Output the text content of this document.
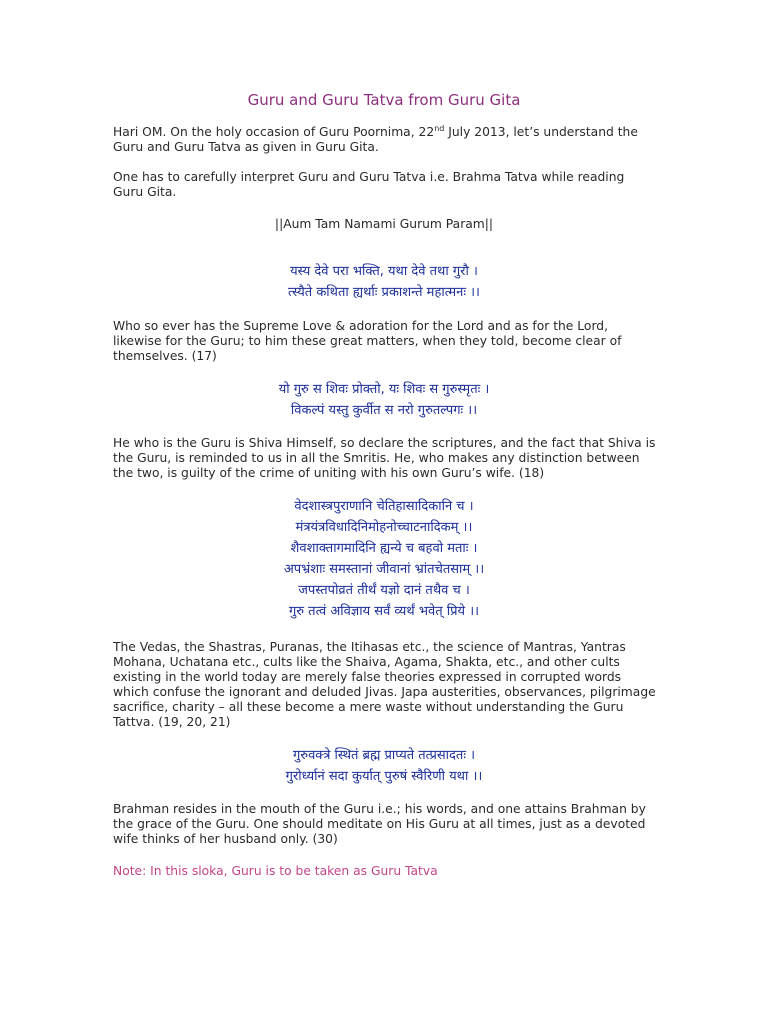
Guru and Guru Tatva from Guru Gita

Hari OM. On the holy occasion of Guru Poornima, 22nd July 2013, let’s understand the Guru and Guru Tatva as given in Guru Gita.

One has to carefully interpret Guru and Guru Tatva i.e. Brahma Tatva while reading Guru Gita.

||Aum Tam Namami Gurum Param||

यस्य देवे परा भक्ति, यथा देवे तथा गुरौ ।
त्स्यैते कथिता ह्यर्थाः प्रकाशन्ते महात्मनः ।।

Who so ever has the Supreme Love & adoration for the Lord and as for the Lord, likewise for the Guru; to him these great matters, when they told, become clear of themselves. (17)

यो गुरु स शिवः प्रोक्तो, यः शिवः स गुरुस्मृतः ।
विकल्पं यस्तु कुर्वीत स नरो गुरुतल्पगः ।।

He who is the Guru is Shiva Himself, so declare the scriptures, and the fact that Shiva is the Guru, is reminded to us in all the Smritis. He, who makes any distinction between the two, is guilty of the crime of uniting with his own Guru’s wife. (18)

वेदशास्त्रपुराणानि चेतिहासादिकानि च ।
मंत्रयंत्रविधादिनिमोहनोच्चाटनादिकम् ।।
शैवशाक्तागमादिनि ह्यन्ये च बहवो मताः ।
अपभ्रंशाः समस्तानां जीवानां भ्रांतचेतसाम् ।।
जपस्तपोव्रतं तीर्थं यज्ञो दानं तथैव च ।
गुरु तत्वं अविज्ञाय सर्वं व्यर्थं भवेत् प्रिये ।।

The Vedas, the Shastras, Puranas, the Itihasas etc., the science of Mantras, Yantras Mohana, Uchatana etc., cults like the Shaiva, Agama, Shakta, etc., and other cults existing in the world today are merely false theories expressed in corrupted words which confuse the ignorant and deluded Jivas. Japa austerities, observances, pilgrimage sacrifice, charity – all these become a mere waste without understanding the Guru Tattva. (19, 20, 21)

गुरुवक्त्रे स्थितं ब्रह्म प्राप्यते तत्प्रसादतः ।
गुरोर्ध्यानं सदा कुर्यात् पुरुषं स्वैरिणी यथा ।।

Brahman resides in the mouth of the Guru i.e.; his words, and one attains Brahman by the grace of the Guru. One should meditate on His Guru at all times, just as a devoted wife thinks of her husband only. (30)

Note: In this sloka, Guru is to be taken as Guru Tatva
